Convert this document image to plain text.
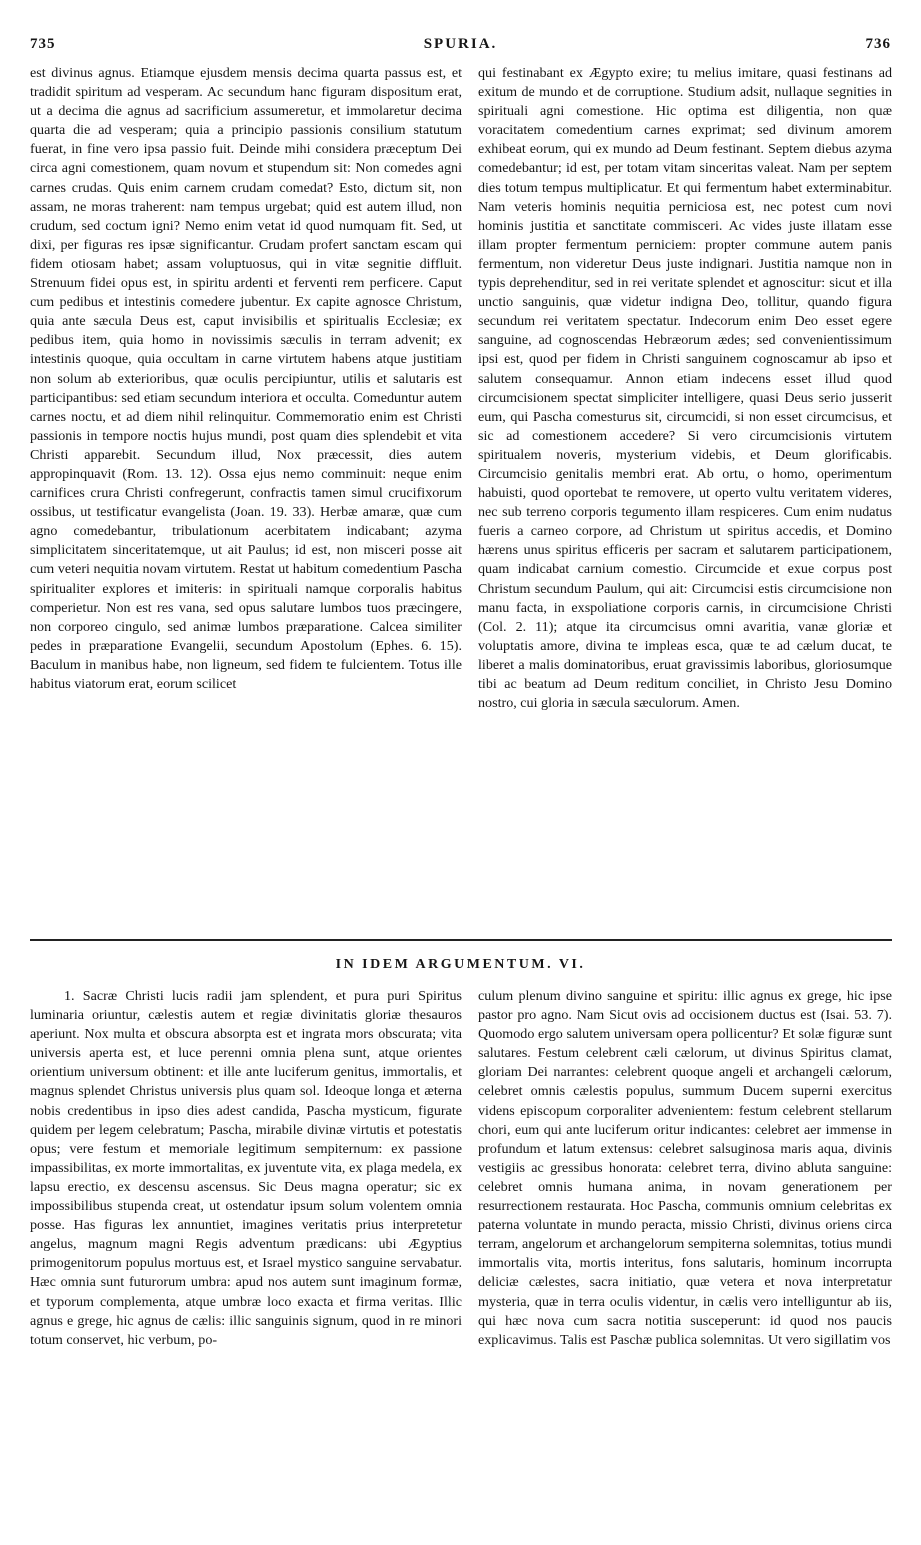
735	SPURIA.	736

est divinus agnus. Etiamque ejusdem mensis decima quarta passus est, et tradidit spiritum ad vesperam. Ac secundum hanc figuram dispositum erat, ut a decima die agnus ad sacrificium assumeretur, et immolaretur decima quarta die ad vesperam; quia a principio passionis consilium statutum fuerat, in fine vero ipsa passio fuit. Deinde mihi considera præceptum Dei circa agni comestionem, quam novum et stupendum sit: Non comedes agni carnes crudas. Quis enim carnem crudam comedat? Esto, dictum sit, non assam, ne moras traherent: nam tempus urgebat; quid est autem illud, non crudum, sed coctum igni? Nemo enim vetat id quod numquam fit. Sed, ut dixi, per figuras res ipsæ significantur. Crudam profert sanctam escam qui fidem otiosam habet; assam voluptuosus, qui in vitæ segnitie diffluit. Strenuum fidei opus est, in spiritu ardenti et ferventi rem perficere. Caput cum pedibus et intestinis comedere jubentur. Ex capite agnosce Christum, quia ante sæcula Deus est, caput invisibilis et spiritualis Ecclesiæ; ex pedibus item, quia homo in novissimis sæculis in terram advenit; ex intestinis quoque, quia occultam in carne virtutem habens atque justitiam non solum ab exterioribus, quæ oculis percipiuntur, utilis et salutaris est participantibus: sed etiam secundum interiora et occulta. Comeduntur autem carnes noctu, et ad diem nihil relinquitur. Commemoratio enim est Christi passionis in tempore noctis hujus mundi, post quam dies splendebit et vita Christi apparebit. Secundum illud, Nox præcessit, dies autem appropinquavit (Rom. 13. 12). Ossa ejus nemo comminuit: neque enim carnifices crura Christi confregerunt, confractis tamen simul crucifixorum ossibus, ut testificatur evangelista (Joan. 19. 33). Herbæ amaræ, quæ cum agno comedebantur, tribulationum acerbitatem indicabant; azyma simplicitatem sinceritatemque, ut ait Paulus; id est, non misceri posse ait cum veteri nequitia novam virtutem. Restat ut habitum comedentium Pascha spiritualiter explores et imiteris: in spirituali namque corporalis habitus comperietur. Non est res vana, sed opus salutare lumbos tuos præcingere, non corporeo cingulo, sed animæ lumbos præparatione. Calcea similiter pedes in præparatione Evangelii, secundum Apostolum (Ephes. 6. 15). Baculum in manibus habe, non ligneum, sed fidem te fulcientem. Totus ille habitus viatorum erat, eorum scilicet

qui festinabant ex Ægypto exire; tu melius imitare, quasi festinans ad exitum de mundo et de corruptione. Studium adsit, nullaque segnities in spirituali agni comestione. Hic optima est diligentia, non quæ voracitatem comedentium carnes exprimat; sed divinum amorem exhibeat eorum, qui ex mundo ad Deum festinant. Septem diebus azyma comedebantur; id est, per totam vitam sinceritas valeat. Nam per septem dies totum tempus multiplicatur. Et qui fermentum habet exterminabitur. Nam veteris hominis nequitia perniciosa est, nec potest cum novi hominis justitia et sanctitate commisceri. Ac vides juste illatam esse illam propter fermentum perniciem: propter commune autem panis fermentum, non videretur Deus juste indignari. Justitia namque non in typis deprehenditur, sed in rei veritate splendet et agnoscitur: sicut et illa unctio sanguinis, quæ videtur indigna Deo, tollitur, quando figura secundum rei veritatem spectatur. Indecorum enim Deo esset egere sanguine, ad cognoscendas Hebræorum ædes; sed convenientissimum ipsi est, quod per fidem in Christi sanguinem cognoscamur ab ipso et salutem consequamur. Annon etiam indecens esset illud quod circumcisionem spectat simpliciter intelligere, quasi Deus serio jusserit eum, qui Pascha comesturus sit, circumcidi, si non esset circumcisus, et sic ad comestionem accedere? Si vero circumcisionis virtutem spiritualem noveris, mysterium videbis, et Deum glorificabis. Circumcisio genitalis membri erat. Ab ortu, o homo, operimentum habuisti, quod oportebat te removere, ut operto vultu veritatem videres, nec sub terreno corporis tegumento illam respiceres. Cum enim nudatus fueris a carneo corpore, ad Christum ut spiritus accedis, et Domino hærens unus spiritus efficeris per sacram et salutarem participationem, quam indicabat carnium comestio. Circumcide et exue corpus post Christum secundum Paulum, qui ait: Circumcisi estis circumcisione non manu facta, in exspoliatione corporis carnis, in circumcisione Christi (Col. 2. 11); atque ita circumcisus omni avaritia, vanæ gloriæ et voluptatis amore, divina te impleas esca, quæ te ad cælum ducat, te liberet a malis dominatoribus, eruat gravissimis laboribus, gloriosumque tibi ac beatum ad Deum reditum conciliet, in Christo Jesu Domino nostro, cui gloria in sæcula sæculorum. Amen.

IN IDEM ARGUMENTUM. VI.

1. Sacræ Christi lucis radii jam splendent, et pura puri Spiritus luminaria oriuntur, cælestis autem et regiæ divinitatis gloriæ thesauros aperiunt. Nox multa et obscura absorpta est et ingrata mors obscurata; vita universis aperta est, et luce perenni omnia plena sunt, atque orientes orientium universum obtinent: et ille ante luciferum genitus, immortalis, et magnus splendet Christus universis plus quam sol. Ideoque longa et æterna nobis credentibus in ipso dies adest candida, Pascha mysticum, figurate quidem per legem celebratum; Pascha, mirabile divinæ virtutis et potestatis opus; vere festum et memoriale legitimum sempiternum: ex passione impassibilitas, ex morte immortalitas, ex juventute vita, ex plaga medela, ex lapsu erectio, ex descensu ascensus. Sic Deus magna operatur; sic ex impossibilibus stupenda creat, ut ostendatur ipsum solum volentem omnia posse. Has figuras lex annuntiet, imagines veritatis prius interpretetur angelus, magnum magni Regis adventum prædicans: ubi Ægyptius primogenitorum populus mortuus est, et Israel mystico sanguine servabatur. Hæc omnia sunt futurorum umbra: apud nos autem sunt imaginum formæ, et typorum complementa, atque umbræ loco exacta et firma veritas. Illic agnus e grege, hic agnus de cælis: illic sanguinis signum, quod in re minori totum conservet, hic verbum, po-

culum plenum divino sanguine et spiritu: illic agnus ex grege, hic ipse pastor pro agno. Nam Sicut ovis ad occisionem ductus est (Isai. 53. 7). Quomodo ergo salutem universam opera pollicentur? Et solæ figuræ sunt salutares. Festum celebrent cæli cælorum, ut divinus Spiritus clamat, gloriam Dei narrantes: celebrent quoque angeli et archangeli cælorum, celebret omnis cælestis populus, summum Ducem superni exercitus videns episcopum corporaliter advenientem: festum celebrent stellarum chori, eum qui ante luciferum oritur indicantes: celebret aer immense in profundum et latum extensus: celebret salsuginosa maris aqua, divinis vestigiis ac gressibus honorata: celebret terra, divino abluta sanguine: celebret omnis humana anima, in novam generationem per resurrectionem restaurata. Hoc Pascha, communis omnium celebritas ex paterna voluntate in mundo peracta, missio Christi, divinus oriens circa terram, angelorum et archangelorum sempiterna solemnitas, totius mundi immortalis vita, mortis interitus, fons salutaris, hominum incorrupta deliciæ cælestes, sacra initiatio, quæ vetera et nova interpretatur mysteria, quæ in terra oculis videntur, in cælis vero intelliguntur ab iis, qui hæc nova cum sacra notitia susceperunt: id quod nos paucis explicavimus. Talis est Paschæ publica solemnitas. Ut vero sigillatim vos
